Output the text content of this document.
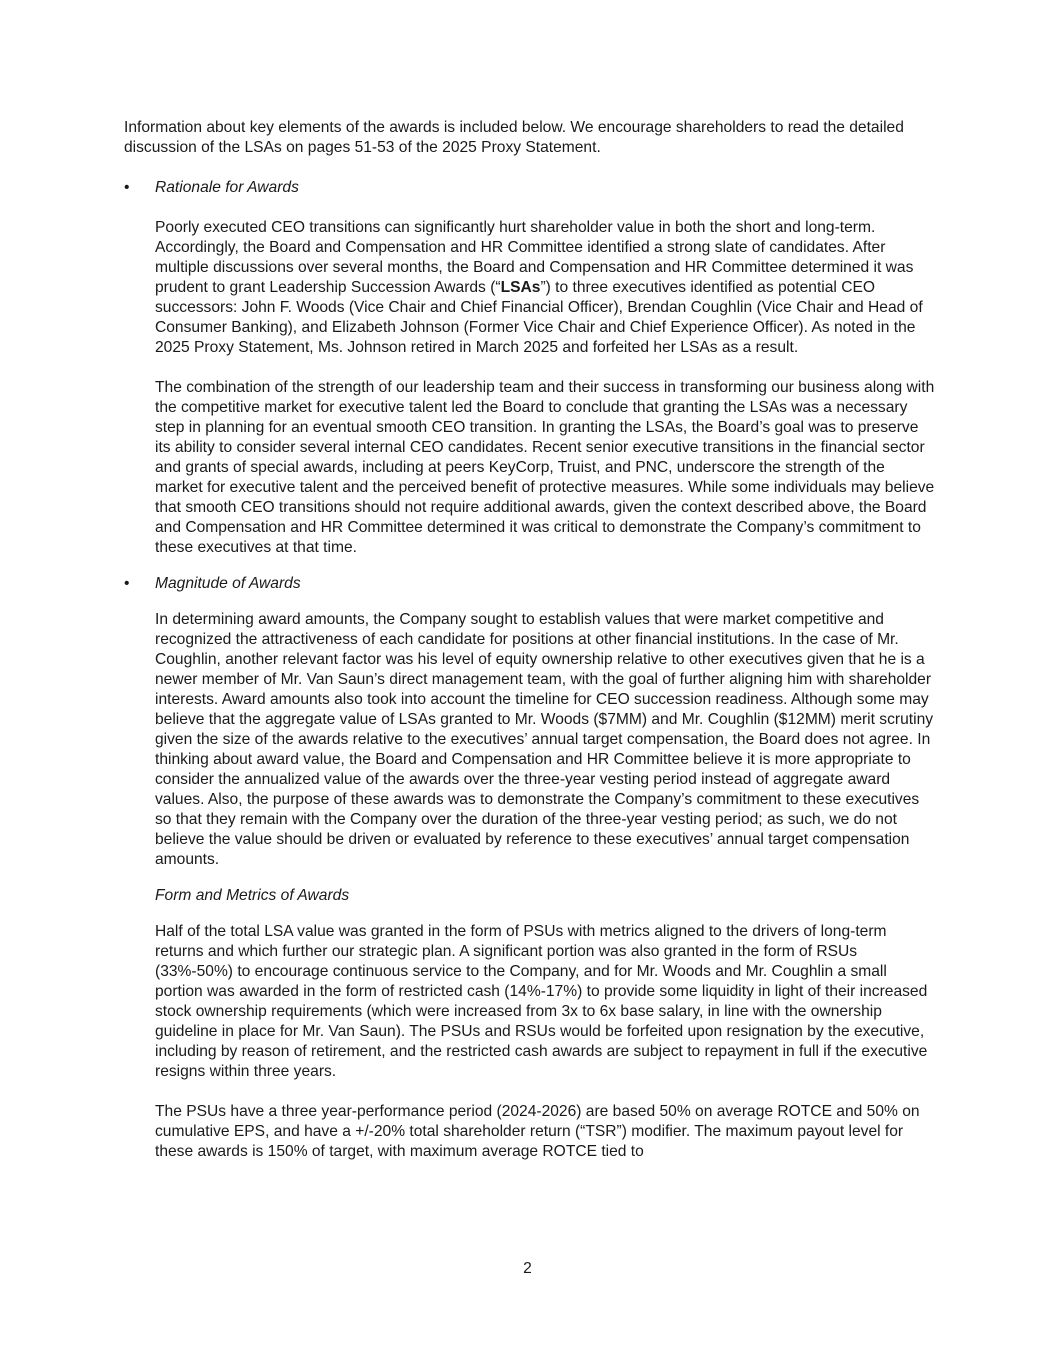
Information about key elements of the awards is included below. We encourage shareholders to read the detailed discussion of the LSAs on pages 51-53 of the 2025 Proxy Statement.

•	Rationale for Awards

Poorly executed CEO transitions can significantly hurt shareholder value in both the short and long-term. Accordingly, the Board and Compensation and HR Committee identified a strong slate of candidates. After multiple discussions over several months, the Board and Compensation and HR Committee determined it was prudent to grant Leadership Succession Awards (“LSAs”) to three executives identified as potential CEO successors: John F. Woods (Vice Chair and Chief Financial Officer), Brendan Coughlin (Vice Chair and Head of Consumer Banking), and Elizabeth Johnson (Former Vice Chair and Chief Experience Officer). As noted in the 2025 Proxy Statement, Ms. Johnson retired in March 2025 and forfeited her LSAs as a result.

The combination of the strength of our leadership team and their success in transforming our business along with the competitive market for executive talent led the Board to conclude that granting the LSAs was a necessary step in planning for an eventual smooth CEO transition. In granting the LSAs, the Board’s goal was to preserve its ability to consider several internal CEO candidates. Recent senior executive transitions in the financial sector and grants of special awards, including at peers KeyCorp, Truist, and PNC, underscore the strength of the market for executive talent and the perceived benefit of protective measures. While some individuals may believe that smooth CEO transitions should not require additional awards, given the context described above, the Board and Compensation and HR Committee determined it was critical to demonstrate the Company’s commitment to these executives at that time.

•	Magnitude of Awards

In determining award amounts, the Company sought to establish values that were market competitive and recognized the attractiveness of each candidate for positions at other financial institutions. In the case of Mr. Coughlin, another relevant factor was his level of equity ownership relative to other executives given that he is a newer member of Mr. Van Saun’s direct management team, with the goal of further aligning him with shareholder interests. Award amounts also took into account the timeline for CEO succession readiness. Although some may believe that the aggregate value of LSAs granted to Mr. Woods ($7MM) and Mr. Coughlin ($12MM) merit scrutiny given the size of the awards relative to the executives’ annual target compensation, the Board does not agree. In thinking about award value, the Board and Compensation and HR Committee believe it is more appropriate to consider the annualized value of the awards over the three-year vesting period instead of aggregate award values. Also, the purpose of these awards was to demonstrate the Company’s commitment to these executives so that they remain with the Company over the duration of the three-year vesting period; as such, we do not believe the value should be driven or evaluated by reference to these executives’ annual target compensation amounts.

Form and Metrics of Awards

Half of the total LSA value was granted in the form of PSUs with metrics aligned to the drivers of long-term returns and which further our strategic plan. A significant portion was also granted in the form of RSUs (33%-50%) to encourage continuous service to the Company, and for Mr. Woods and Mr. Coughlin a small portion was awarded in the form of restricted cash (14%-17%) to provide some liquidity in light of their increased stock ownership requirements (which were increased from 3x to 6x base salary, in line with the ownership guideline in place for Mr. Van Saun). The PSUs and RSUs would be forfeited upon resignation by the executive, including by reason of retirement, and the restricted cash awards are subject to repayment in full if the executive resigns within three years.

The PSUs have a three year-performance period (2024-2026) are based 50% on average ROTCE and 50% on cumulative EPS, and have a +/-20% total shareholder return (“TSR”) modifier. The maximum payout level for these awards is 150% of target, with maximum average ROTCE tied to

2
